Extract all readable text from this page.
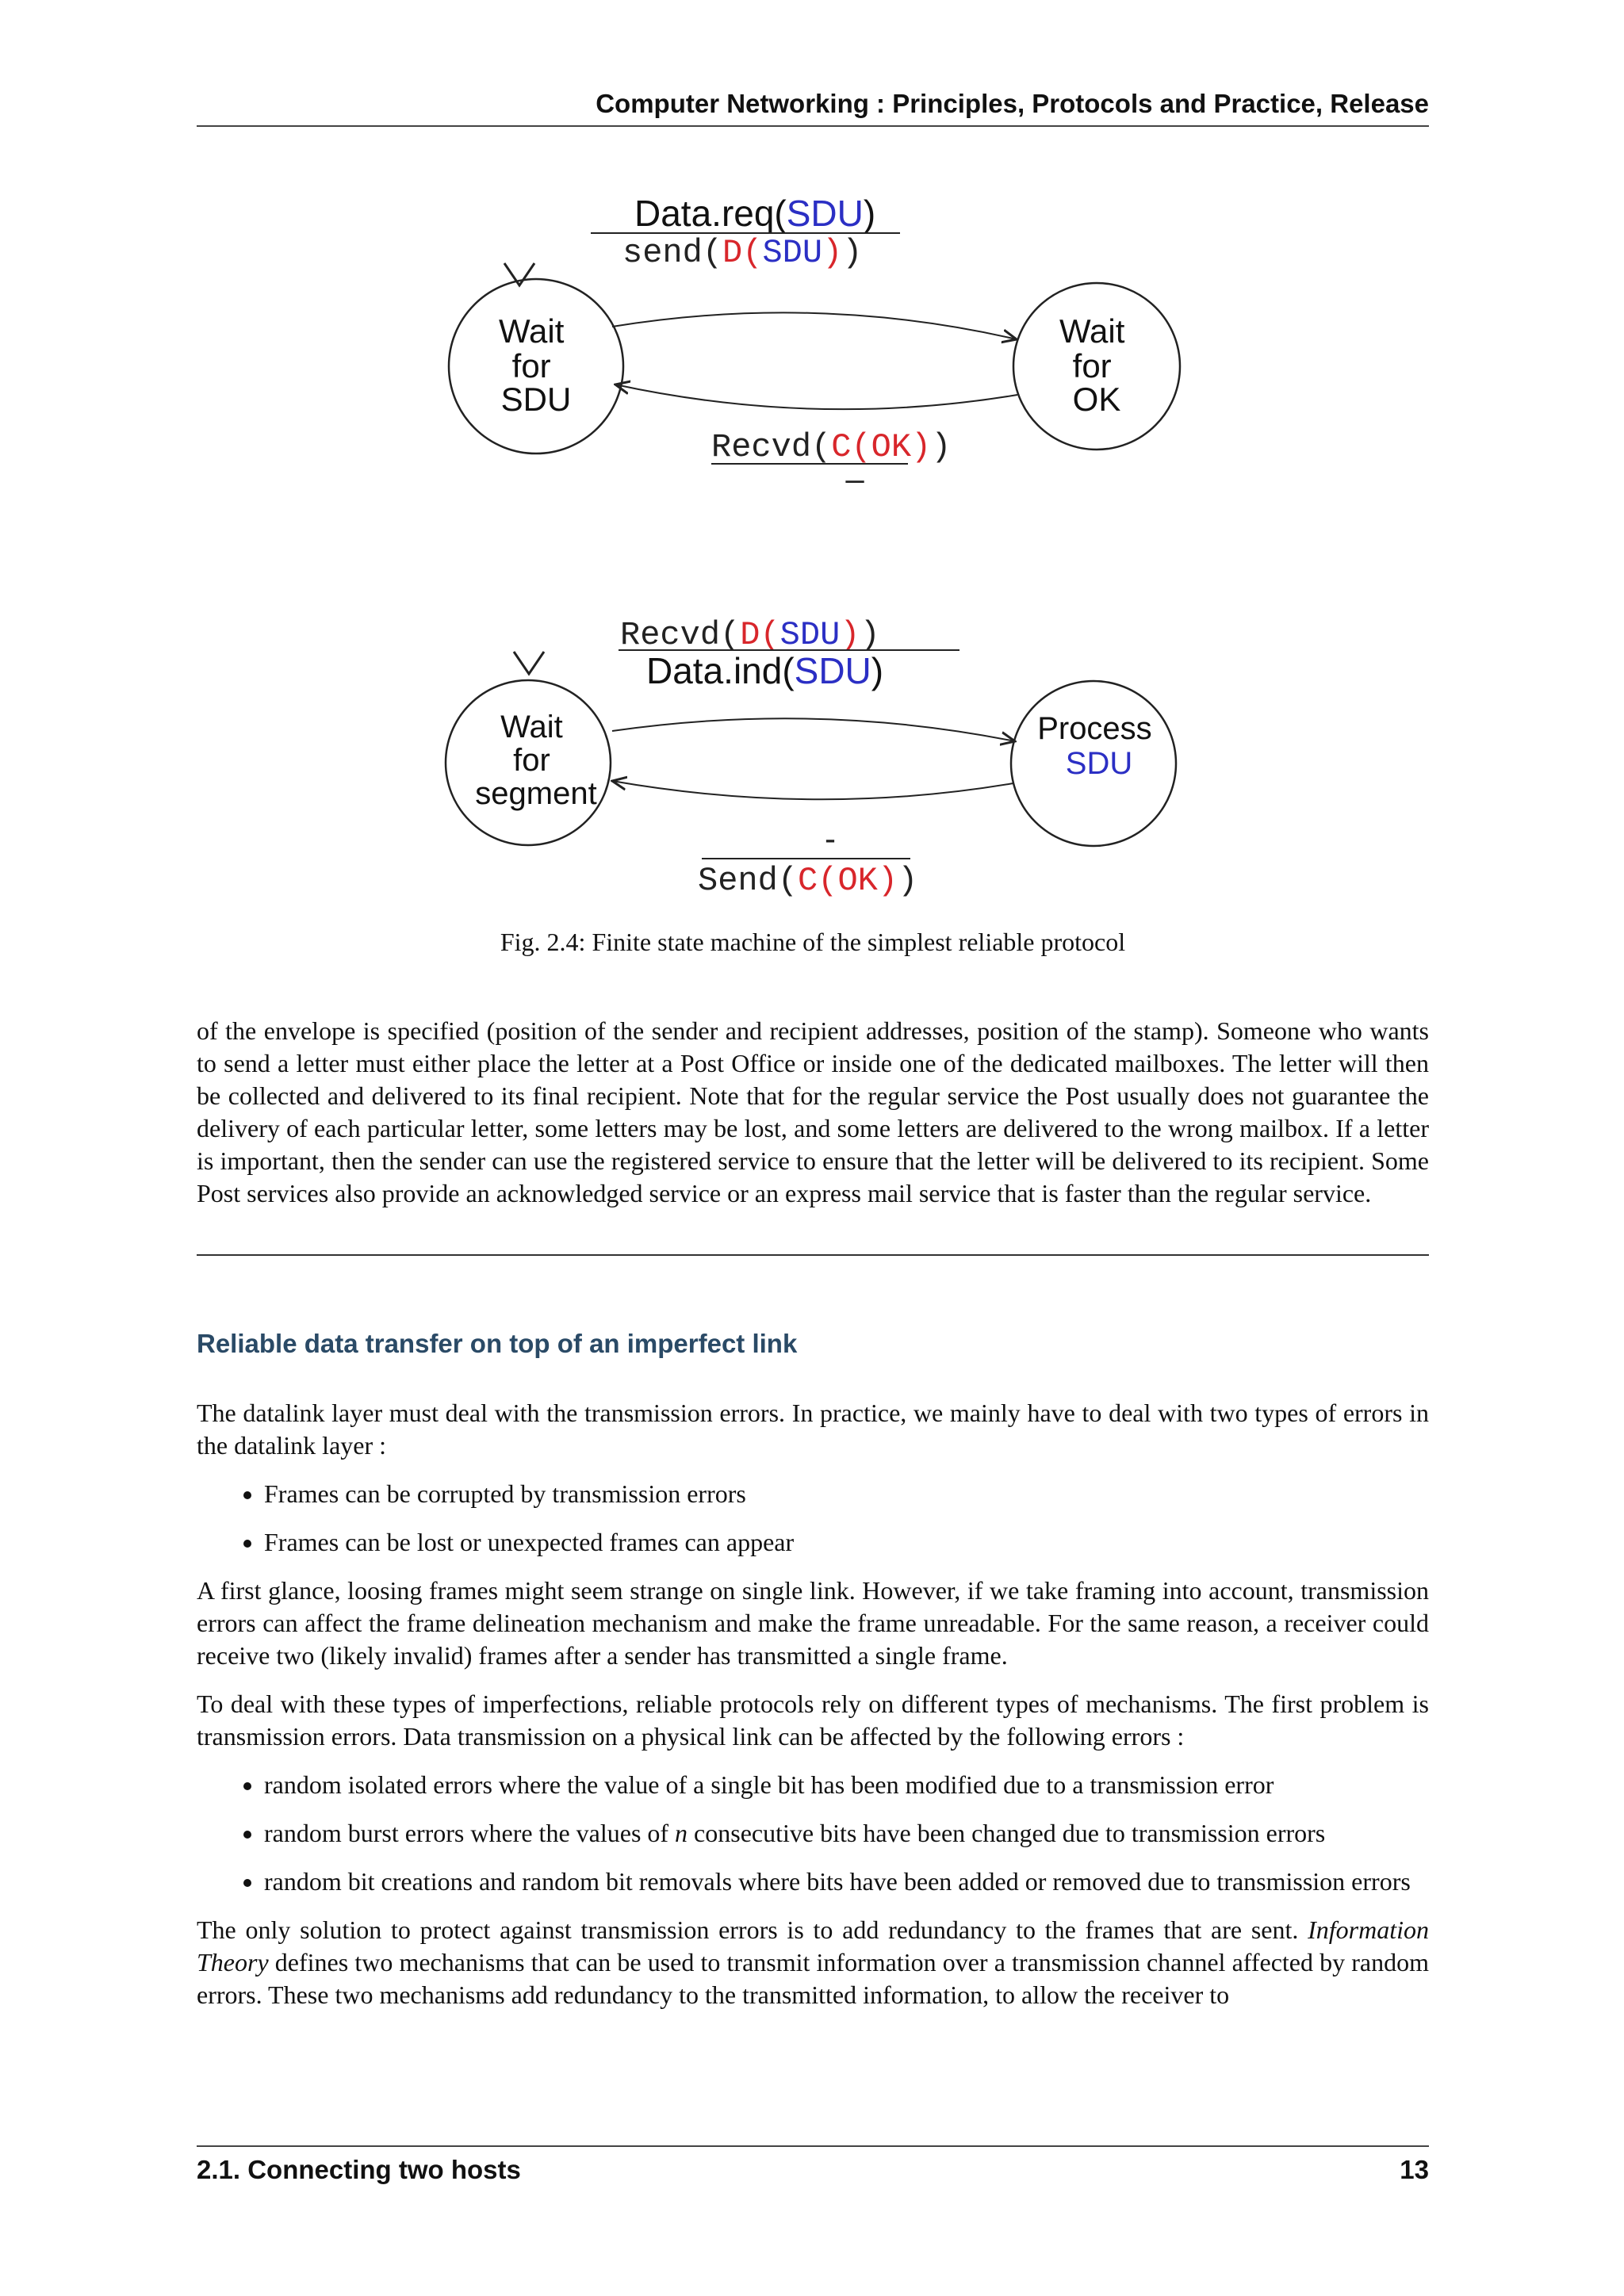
Computer Networking : Principles, Protocols and Practice, Release
Data.req(SDU)
send(D(SDU))
Wait for SDU
Wait for OK
Recvd(C(OK))
–
Recvd(D(SDU))
Data.ind(SDU)
Wait for segment
Process SDU
-
Send(C(OK))
Fig. 2.4: Finite state machine of the simplest reliable protocol

of the envelope is specified (position of the sender and recipient addresses, position of the stamp). Someone who wants to send a letter must either place the letter at a Post Office or inside one of the dedicated mailboxes. The letter will then be collected and delivered to its final recipient. Note that for the regular service the Post usually does not guarantee the delivery of each particular letter, some letters may be lost, and some letters are delivered to the wrong mailbox. If a letter is important, then the sender can use the registered service to ensure that the letter will be delivered to its recipient. Some Post services also provide an acknowledged service or an express mail service that is faster than the regular service.

Reliable data transfer on top of an imperfect link

The datalink layer must deal with the transmission errors. In practice, we mainly have to deal with two types of errors in the datalink layer :

• Frames can be corrupted by transmission errors
• Frames can be lost or unexpected frames can appear

A first glance, loosing frames might seem strange on single link. However, if we take framing into account, transmission errors can affect the frame delineation mechanism and make the frame unreadable. For the same reason, a receiver could receive two (likely invalid) frames after a sender has transmitted a single frame.

To deal with these types of imperfections, reliable protocols rely on different types of mechanisms. The first problem is transmission errors. Data transmission on a physical link can be affected by the following errors :

• random isolated errors where the value of a single bit has been modified due to a transmission error
• random burst errors where the values of n consecutive bits have been changed due to transmission errors
• random bit creations and random bit removals where bits have been added or removed due to transmission errors

The only solution to protect against transmission errors is to add redundancy to the frames that are sent. Information Theory defines two mechanisms that can be used to transmit information over a transmission channel affected by random errors. These two mechanisms add redundancy to the transmitted information, to allow the receiver to

2.1. Connecting two hosts	13
